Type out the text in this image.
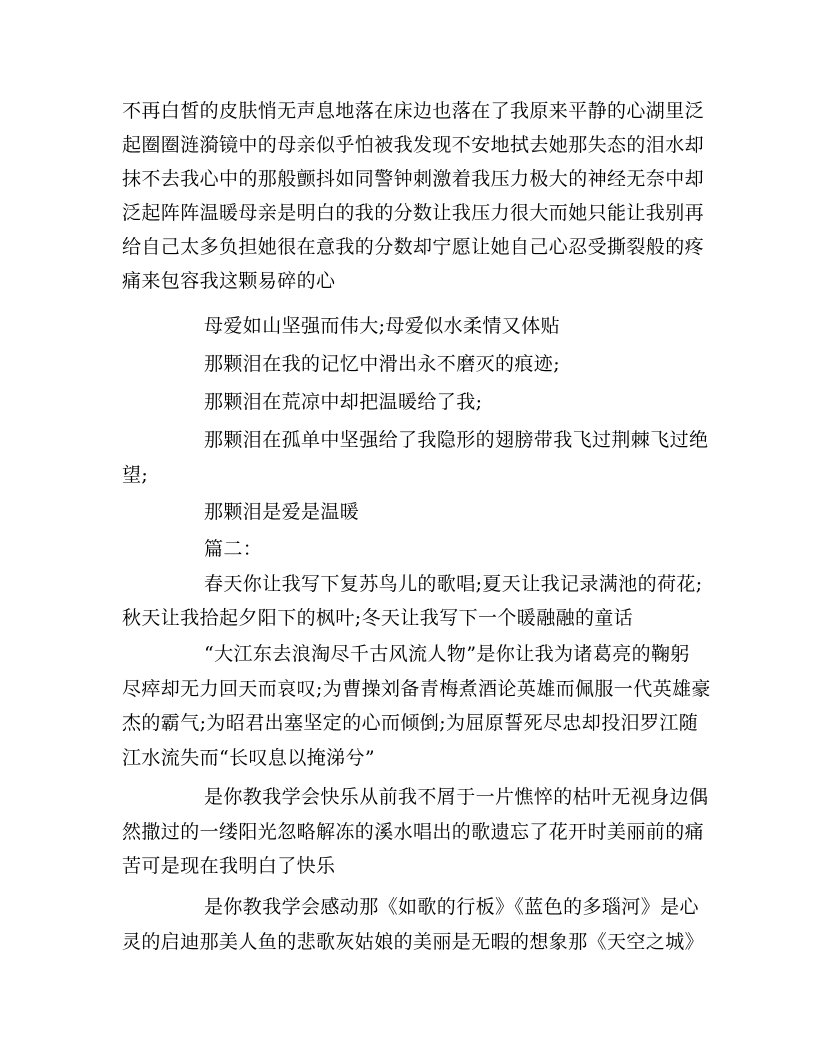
不再白皙的皮肤悄无声息地落在床边也落在了我原来平静的心湖里泛
起圈圈涟漪镜中的母亲似乎怕被我发现不安地拭去她那失态的泪水却
抹不去我心中的那般颤抖如同警钟刺激着我压力极大的神经无奈中却
泛起阵阵温暖母亲是明白的我的分数让我压力很大而她只能让我别再
给自己太多负担她很在意我的分数却宁愿让她自己心忍受撕裂般的疼
痛来包容我这颗易碎的心
母爱如山坚强而伟大;母爱似水柔情又体贴
那颗泪在我的记忆中滑出永不磨灭的痕迹;
那颗泪在荒凉中却把温暖给了我;
那颗泪在孤单中坚强给了我隐形的翅膀带我飞过荆棘飞过绝
望;
那颗泪是爱是温暖
篇二：
春天你让我写下复苏鸟儿的歌唱;夏天让我记录满池的荷花;
秋天让我拾起夕阳下的枫叶;冬天让我写下一个暖融融的童话
“大江东去浪淘尽千古风流人物”是你让我为诸葛亮的鞠躬
尽瘁却无力回天而哀叹;为曹操刘备青梅煮酒论英雄而佩服一代英雄豪
杰的霸气;为昭君出塞坚定的心而倾倒;为屈原誓死尽忠却投汨罗江随
江水流失而“长叹息以掩涕兮”
是你教我学会快乐从前我不屑于一片憔悴的枯叶无视身边偶
然撒过的一缕阳光忽略解冻的溪水唱出的歌遗忘了花开时美丽前的痛
苦可是现在我明白了快乐
是你教我学会感动那《如歌的行板》《蓝色的多瑙河》是心
灵的启迪那美人鱼的悲歌灰姑娘的美丽是无暇的想象那《天空之城》
